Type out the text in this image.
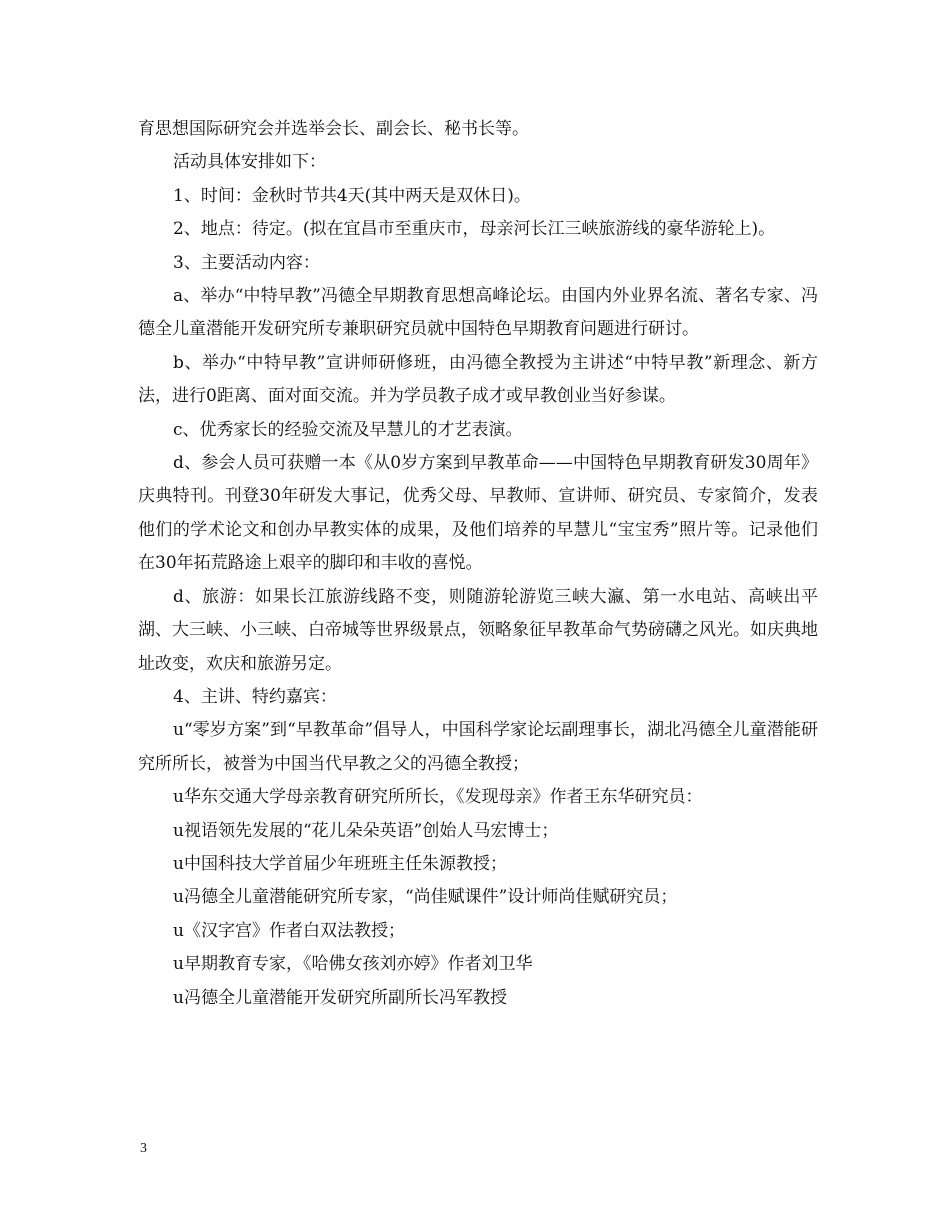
育思想国际研究会并选举会长、副会长、秘书长等。

活动具体安排如下：

1、时间：金秋时节共4天(其中两天是双休日)。

2、地点：待定。(拟在宜昌市至重庆市，母亲河长江三峡旅游线的豪华游轮上)。

3、主要活动内容：

a、举办“中特早教”冯德全早期教育思想高峰论坛。由国内外业界名流、著名专家、冯德全儿童潜能开发研究所专兼职研究员就中国特色早期教育问题进行研讨。

b、举办“中特早教”宣讲师研修班，由冯德全教授为主讲述“中特早教”新理念、新方法，进行0距离、面对面交流。并为学员教子成才或早教创业当好参谋。

c、优秀家长的经验交流及早慧儿的才艺表演。

d、参会人员可获赠一本《从0岁方案到早教革命——中国特色早期教育研发30周年》庆典特刊。刊登30年研发大事记，优秀父母、早教师、宣讲师、研究员、专家简介，发表他们的学术论文和创办早教实体的成果，及他们培养的早慧儿“宝宝秀”照片等。记录他们在30年拓荒路途上艰辛的脚印和丰收的喜悦。

d、旅游：如果长江旅游线路不变，则随游轮游览三峡大瀛、第一水电站、高峡出平湖、大三峡、小三峡、白帝城等世界级景点，领略象征早教革命气势磅礴之风光。如庆典地址改变，欢庆和旅游另定。

4、主讲、特约嘉宾：

u“零岁方案”到“早教革命”倡导人，中国科学家论坛副理事长，湖北冯德全儿童潜能研究所所长，被誉为中国当代早教之父的冯德全教授；

u华东交通大学母亲教育研究所所长，《发现母亲》作者王东华研究员：

u视语领先发展的“花儿朵朵英语”创始人马宏博士；

u中国科技大学首届少年班班主任朱源教授；

u冯德全儿童潜能研究所专家，“尚佳赋课件”设计师尚佳赋研究员；

u《汉字宫》作者白双法教授；

u早期教育专家，《哈佛女孩刘亦婷》作者刘卫华

u冯德全儿童潜能开发研究所副所长冯军教授

3
